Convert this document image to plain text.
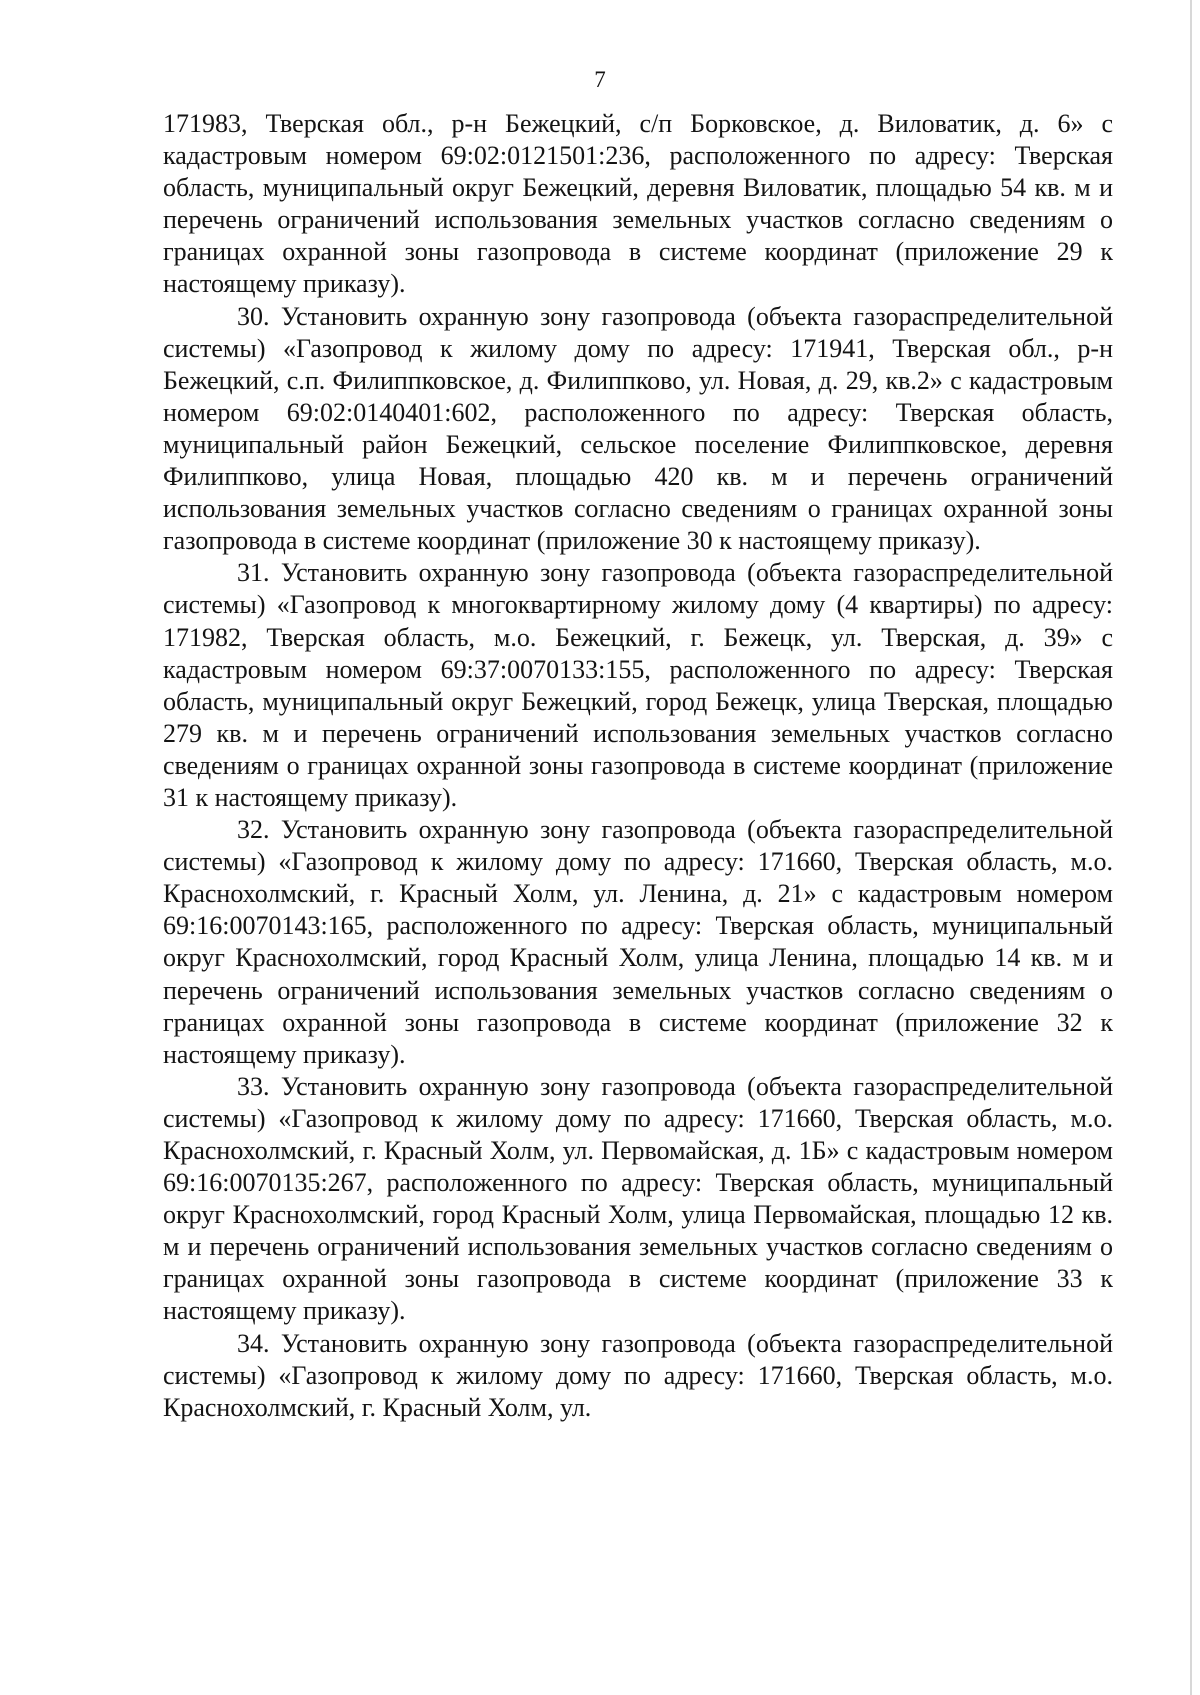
7

171983, Тверская обл., р-н Бежецкий, с/п Борковское, д. Виловатик, д. 6» с кадастровым номером 69:02:0121501:236, расположенного по адресу: Тверская область, муниципальный округ Бежецкий, деревня Виловатик, площадью 54 кв. м и перечень ограничений использования земельных участков согласно сведениям о границах охранной зоны газопровода в системе координат (приложение 29 к настоящему приказу).

30. Установить охранную зону газопровода (объекта газораспределительной системы) «Газопровод к жилому дому по адресу: 171941, Тверская обл., р-н Бежецкий, с.п. Филиппковское, д. Филиппково, ул. Новая, д. 29, кв.2» с кадастровым номером 69:02:0140401:602, расположенного по адресу: Тверская область, муниципальный район Бежецкий, сельское поселение Филиппковское, деревня Филиппково, улица Новая, площадью 420 кв. м и перечень ограничений использования земельных участков согласно сведениям о границах охранной зоны газопровода в системе координат (приложение 30 к настоящему приказу).

31. Установить охранную зону газопровода (объекта газораспределительной системы) «Газопровод к многоквартирному жилому дому (4 квартиры) по адресу: 171982, Тверская область, м.о. Бежецкий, г. Бежецк, ул. Тверская, д. 39» с кадастровым номером 69:37:0070133:155, расположенного по адресу: Тверская область, муниципальный округ Бежецкий, город Бежецк, улица Тверская, площадью 279 кв. м и перечень ограничений использования земельных участков согласно сведениям о границах охранной зоны газопровода в системе координат (приложение 31 к настоящему приказу).

32. Установить охранную зону газопровода (объекта газораспределительной системы) «Газопровод к жилому дому по адресу: 171660, Тверская область, м.о. Краснохолмский, г. Красный Холм, ул. Ленина, д. 21» с кадастровым номером 69:16:0070143:165, расположенного по адресу: Тверская область, муниципальный округ Краснохолмский, город Красный Холм, улица Ленина, площадью 14 кв. м и перечень ограничений использования земельных участков согласно сведениям о границах охранной зоны газопровода в системе координат (приложение 32 к настоящему приказу).

33. Установить охранную зону газопровода (объекта газораспределительной системы) «Газопровод к жилому дому по адресу: 171660, Тверская область, м.о. Краснохолмский, г. Красный Холм, ул. Первомайская, д. 1Б» с кадастровым номером 69:16:0070135:267, расположенного по адресу: Тверская область, муниципальный округ Краснохолмский, город Красный Холм, улица Первомайская, площадью 12 кв. м и перечень ограничений использования земельных участков согласно сведениям о границах охранной зоны газопровода в системе координат (приложение 33 к настоящему приказу).

34. Установить охранную зону газопровода (объекта газораспределительной системы) «Газопровод к жилому дому по адресу: 171660, Тверская область, м.о. Краснохолмский, г. Красный Холм, ул.
